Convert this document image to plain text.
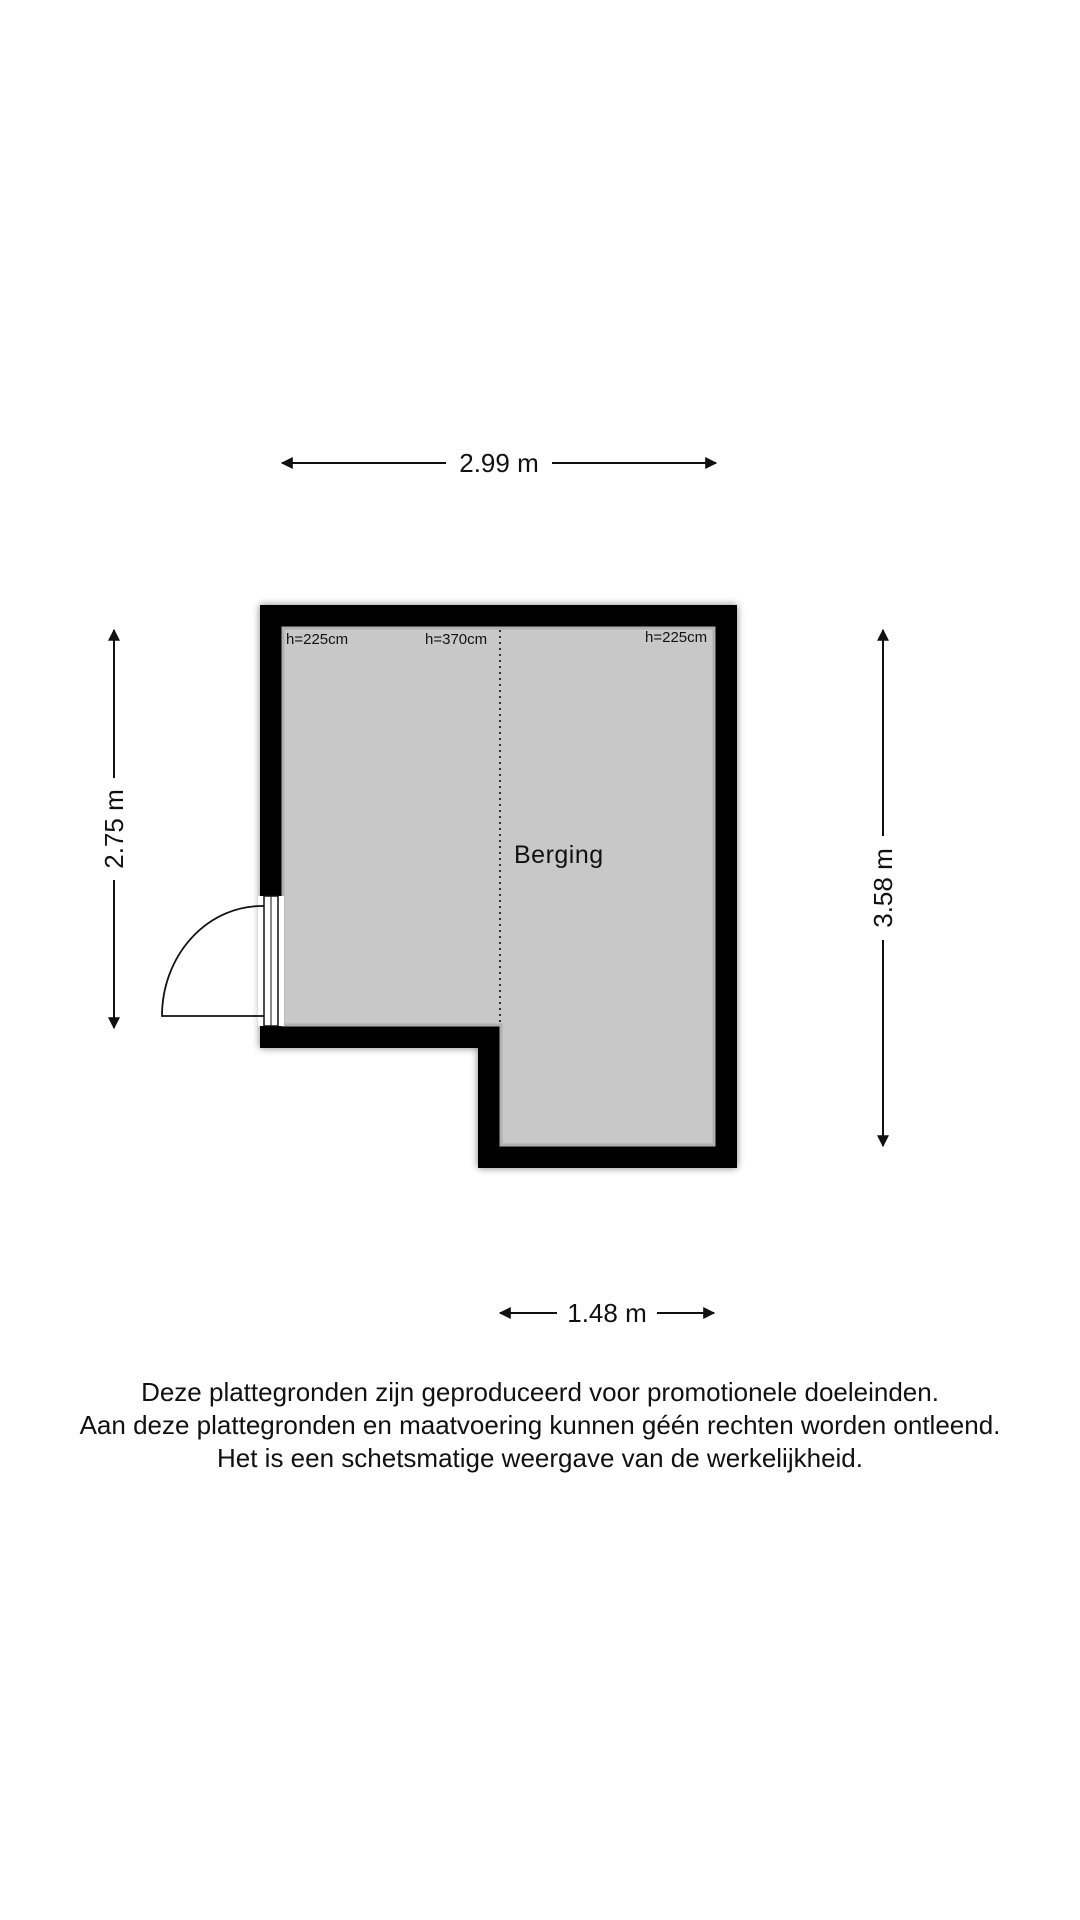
2.99 m
2.75 m
3.58 m
1.48 m
h=225cm	h=370cm	h=225cm
Berging
Deze plattegronden zijn geproduceerd voor promotionele doeleinden.
Aan deze plattegronden en maatvoering kunnen géén rechten worden ontleend.
Het is een schetsmatige weergave van de werkelijkheid.
